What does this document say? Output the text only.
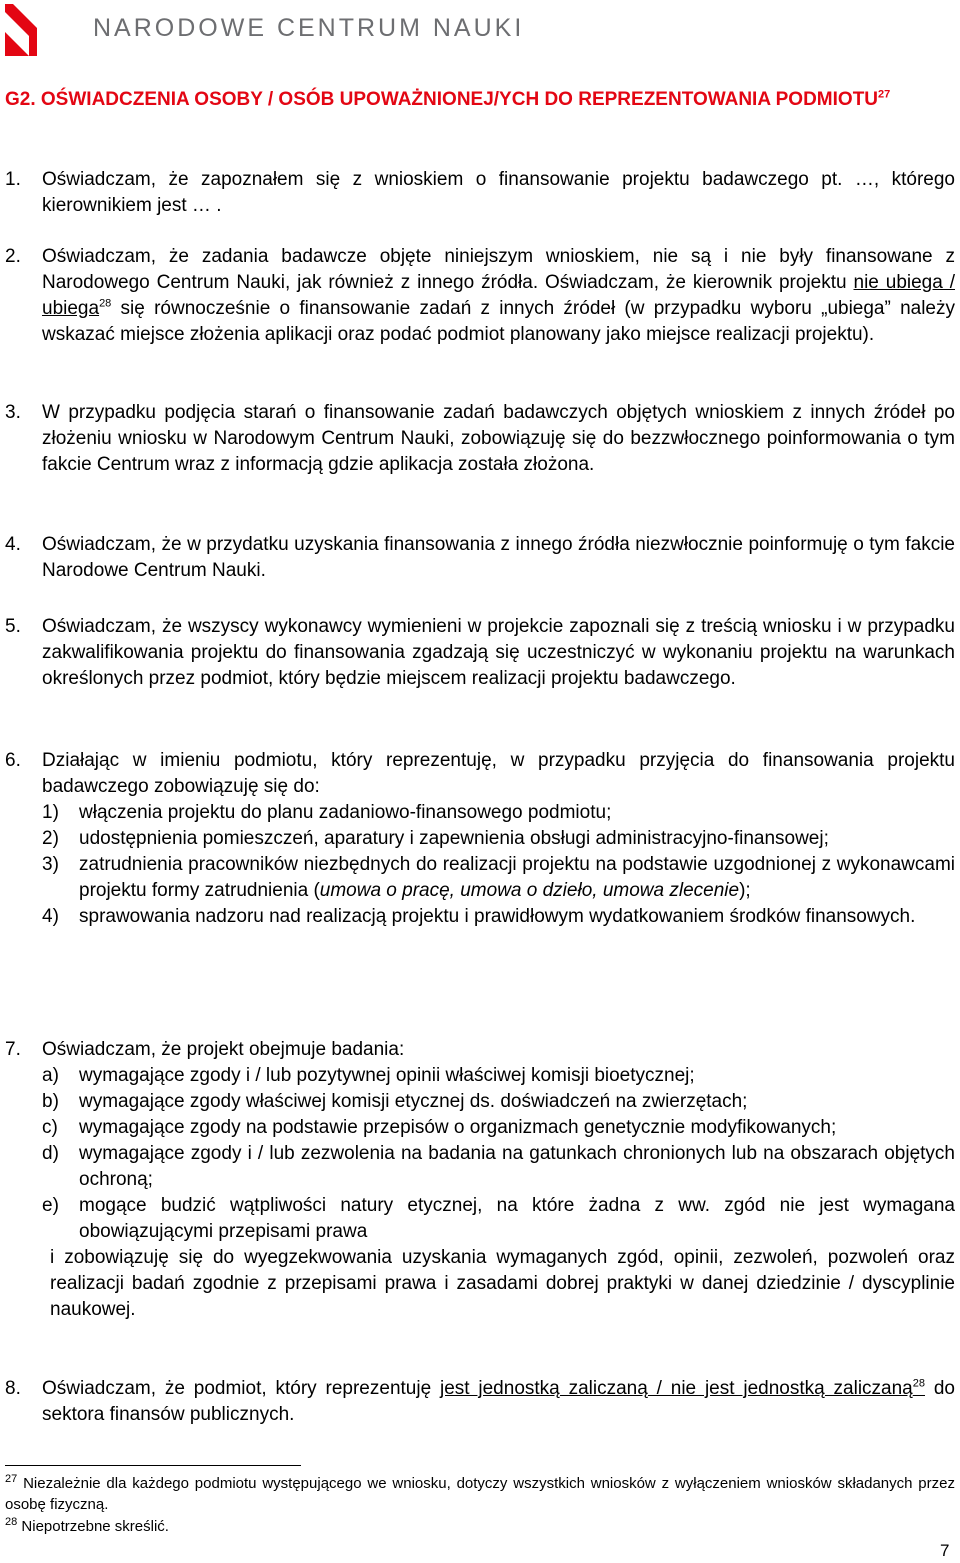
NARODOWE CENTRUM NAUKI
G2. OŚWIADCZENIA OSOBY / OSÓB UPOWAŻNIONEJ/YCH DO REPREZENTOWANIA PODMIOTU$^{27}$
1. Oświadczam, że zapoznałem się z wnioskiem o finansowanie projektu badawczego pt. …, którego kierownikiem jest … .
2. Oświadczam, że zadania badawcze objęte niniejszym wnioskiem, nie są i nie były finansowane z Narodowego Centrum Nauki, jak również z innego źródła. Oświadczam, że kierownik projektu nie ubiega / ubiega$^{28}$ się równocześnie o finansowanie zadań z innych źródeł (w przypadku wyboru „ubiega” należy wskazać miejsce złożenia aplikacji oraz podać podmiot planowany jako miejsce realizacji projektu).
3. W przypadku podjęcia starań o finansowanie zadań badawczych objętych wnioskiem z innych źródeł po złożeniu wniosku w Narodowym Centrum Nauki, zobowiązuję się do bezzwłocznego poinformowania o tym fakcie Centrum wraz z informacją gdzie aplikacja została złożona.
4. Oświadczam, że w przydatku uzyskania finansowania z innego źródła niezwłocznie poinformuję o tym fakcie Narodowe Centrum Nauki.
5. Oświadczam, że wszyscy wykonawcy wymienieni w projekcie zapoznali się z treścią wniosku i w przypadku zakwalifikowania projektu do finansowania zgadzają się uczestniczyć w wykonaniu projektu na warunkach określonych przez podmiot, który będzie miejscem realizacji projektu badawczego.
6. Działając w imieniu podmiotu, który reprezentuję, w przypadku przyjęcia do finansowania projektu badawczego zobowiązuję się do:
1) włączenia projektu do planu zadaniowo-finansowego podmiotu;
2) udostępnienia pomieszczeń, aparatury i zapewnienia obsługi administracyjno-finansowej;
3) zatrudnienia pracowników niezbędnych do realizacji projektu na podstawie uzgodnionej z wykonawcami projektu formy zatrudnienia (umowa o pracę, umowa o dzieło, umowa zlecenie);
4) sprawowania nadzoru nad realizacją projektu i prawidłowym wydatkowaniem środków finansowych.
7. Oświadczam, że projekt obejmuje badania:
a) wymagające zgody i / lub pozytywnej opinii właściwej komisji bioetycznej;
b) wymagające zgody właściwej komisji etycznej ds. doświadczeń na zwierzętach;
c) wymagające zgody na podstawie przepisów o organizmach genetycznie modyfikowanych;
d) wymagające zgody i / lub zezwolenia na badania na gatunkach chronionych lub na obszarach objętych ochroną;
e) mogące budzić wątpliwości natury etycznej, na które żadna z ww. zgód nie jest wymagana obowiązującymi przepisami prawa
i zobowiązuję się do wyegzekwowania uzyskania wymaganych zgód, opinii, zezwoleń, pozwoleń oraz realizacji badań zgodnie z przepisami prawa i zasadami dobrej praktyki w danej dziedzinie / dyscyplinie naukowej.
8. Oświadczam, że podmiot, który reprezentuję jest jednostką zaliczaną / nie jest jednostką zaliczaną$^{28}$ do sektora finansów publicznych.
$^{27}$ Niezależnie dla każdego podmiotu występującego we wniosku, dotyczy wszystkich wniosków z wyłączeniem wniosków składanych przez osobę fizyczną.
$^{28}$ Niepotrzebne skreślić.
7
